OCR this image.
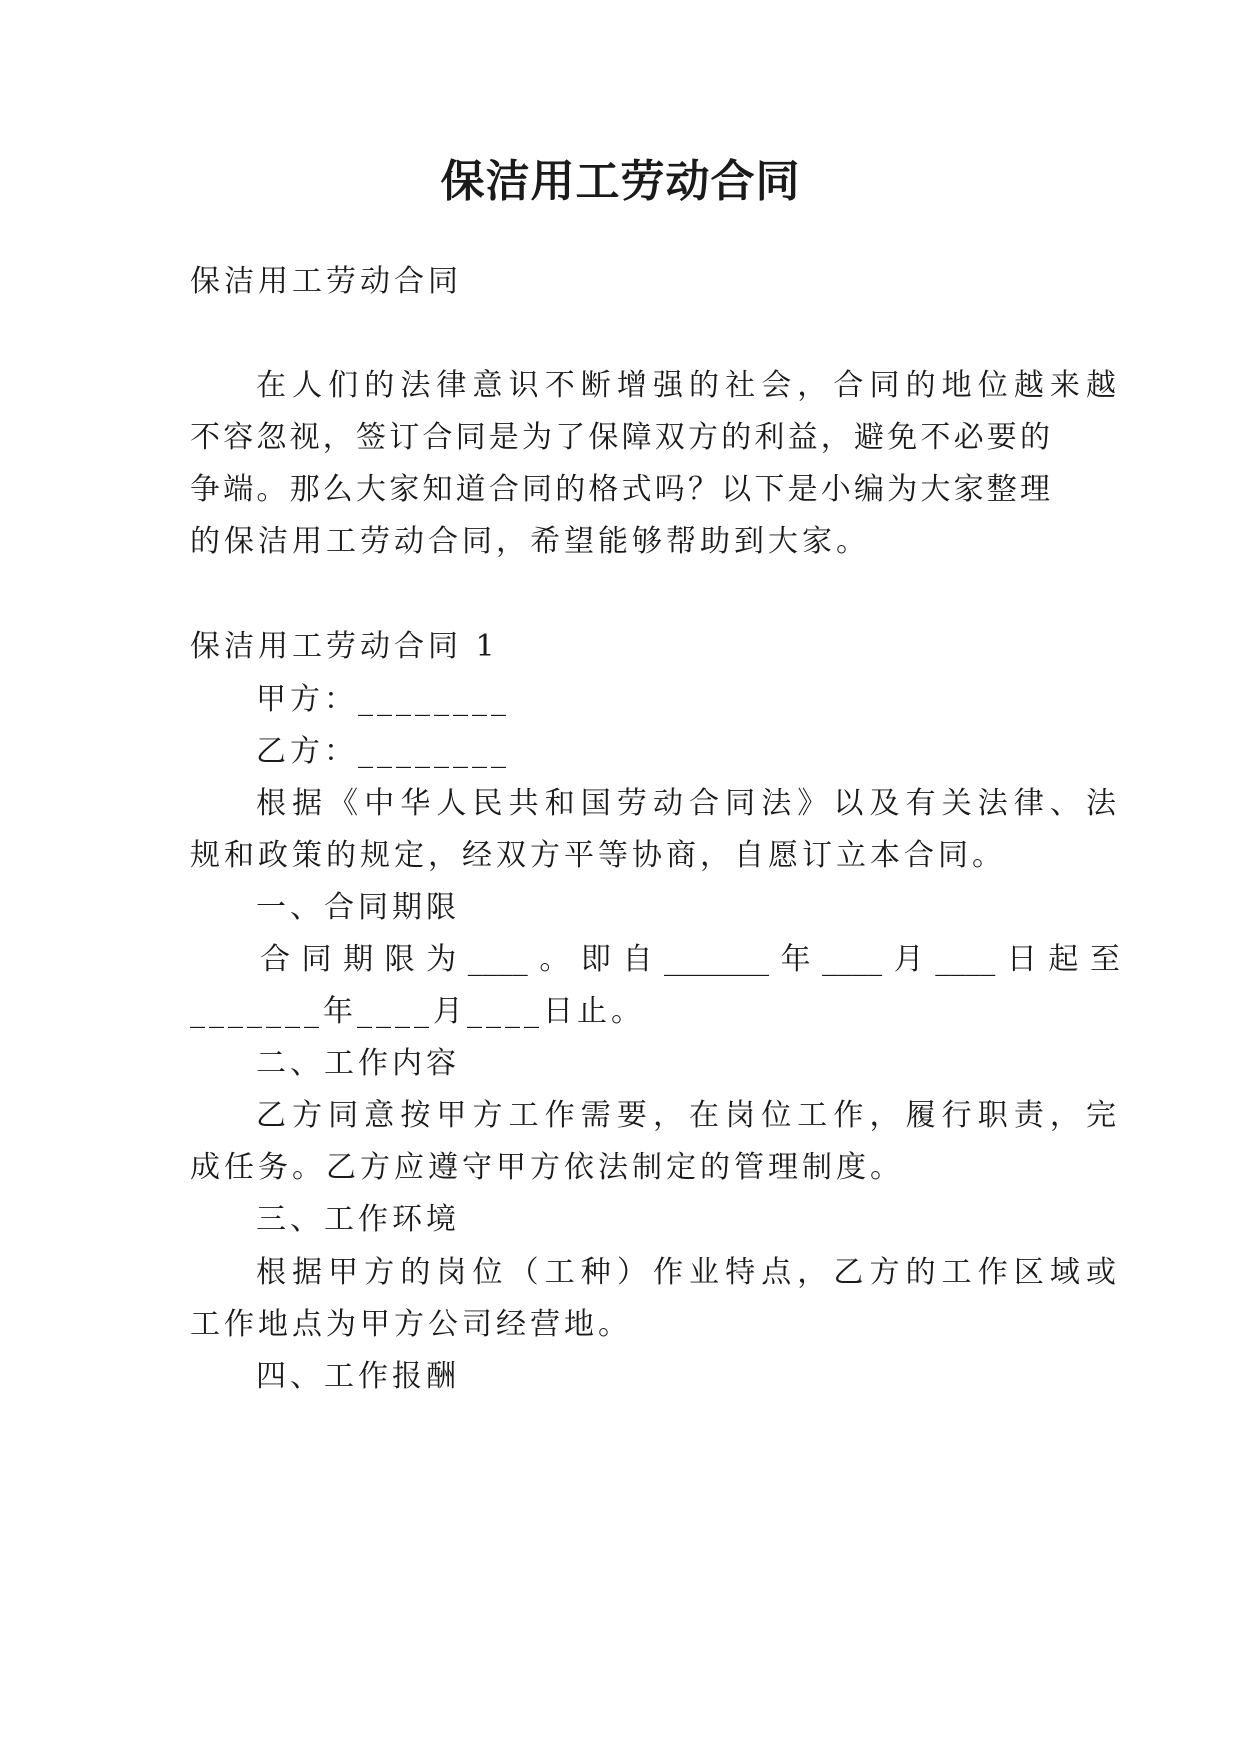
保洁用工劳动合同

保洁用工劳动合同

在人们的法律意识不断增强的社会，合同的地位越来越

不容忽视，签订合同是为了保障双方的利益，避免不必要的

争端。那么大家知道合同的格式吗？以下是小编为大家整理

的保洁用工劳动合同，希望能够帮助到大家。

保洁用工劳动合同 1

甲方：________

乙方：________

根据《中华人民共和国劳动合同法》以及有关法律、法

规和政策的规定，经双方平等协商，自愿订立本合同。

一、合同期限

合同期限为____。即自_______年____月____日起至

_______年____月____日止。

二、工作内容

乙方同意按甲方工作需要，在岗位工作，履行职责，完

成任务。乙方应遵守甲方依法制定的管理制度。

三、工作环境

根据甲方的岗位（工种）作业特点，乙方的工作区域或

工作地点为甲方公司经营地。

四、工作报酬
